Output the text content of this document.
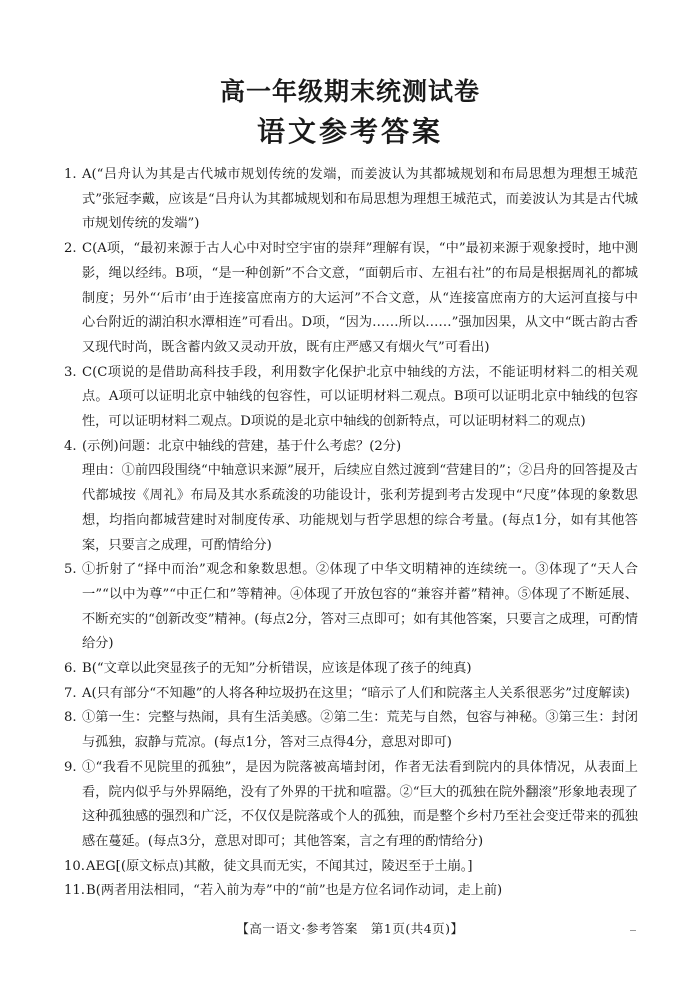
高一年级期末统测试卷
语文参考答案
1. A(“吕舟认为其是古代城市规划传统的发端，而姜波认为其都城规划和布局思想为理想王城范式”张冠李戴，应该是“吕舟认为其都城规划和布局思想为理想王城范式，而姜波认为其是古代城市规划传统的发端”)
2. C(A项，“最初来源于古人心中对时空宇宙的崇拜”理解有误，“中”最初来源于观象授时，地中测影，绳以经纬。B项，“是一种创新”不合文意，“面朝后市、左祖右社”的布局是根据周礼的都城制度；另外“‘后市’由于连接富庶南方的大运河”不合文意，从“连接富庶南方的大运河直接与中心台附近的湖泊积水潭相连”可看出。D项，“因为……所以……”强加因果，从文中“既古韵古香又现代时尚，既含蓄内敛又灵动开放，既有庄严感又有烟火气”可看出)
3. C(C项说的是借助高科技手段，利用数字化保护北京中轴线的方法，不能证明材料二的相关观点。A项可以证明北京中轴线的包容性，可以证明材料二观点。B项可以证明北京中轴线的包容性，可以证明材料二观点。D项说的是北京中轴线的创新特点，可以证明材料二的观点)
4. (示例)问题：北京中轴线的营建，基于什么考虑？(2分)
理由：①前四段围绕“中轴意识来源”展开，后续应自然过渡到“营建目的”；②吕舟的回答提及古代都城按《周礼》布局及其水系疏浚的功能设计，张利芳提到考古发现中“尺度”体现的象数思想，均指向都城营建时对制度传承、功能规划与哲学思想的综合考量。(每点1分，如有其他答案，只要言之成理，可酌情给分)
5. ①折射了“择中而治”观念和象数思想。②体现了中华文明精神的连续统一。③体现了“天人合一”“以中为尊”“中正仁和”等精神。④体现了开放包容的“兼容并蓄”精神。⑤体现了不断延展、不断充实的“创新改变”精神。(每点2分，答对三点即可；如有其他答案，只要言之成理，可酌情给分)
6. B(“文章以此突显孩子的无知”分析错误，应该是体现了孩子的纯真)
7. A(只有部分“不知趣”的人将各种垃圾扔在这里；“暗示了人们和院落主人关系很恶劣”过度解读)
8. ①第一生：完整与热闹，具有生活美感。②第二生：荒芜与自然，包容与神秘。③第三生：封闭与孤独，寂静与荒凉。(每点1分，答对三点得4分，意思对即可)
9. ①“我看不见院里的孤独”，是因为院落被高墙封闭，作者无法看到院内的具体情况，从表面上看，院内似乎与外界隔绝，没有了外界的干扰和喧嚣。②“巨大的孤独在院外翻滚”形象地表现了这种孤独感的强烈和广泛，不仅仅是院落或个人的孤独，而是整个乡村乃至社会变迁带来的孤独感在蔓延。(每点3分，意思对即可；其他答案，言之有理的酌情给分)
10. AEG[(原文标点)其敝，徒文具而无实，不闻其过，陵迟至于土崩。]
11. B(两者用法相同，“若入前为寿”中的“前”也是方位名词作动词，走上前)
【高一语文·参考答案　第1页(共4页)】
